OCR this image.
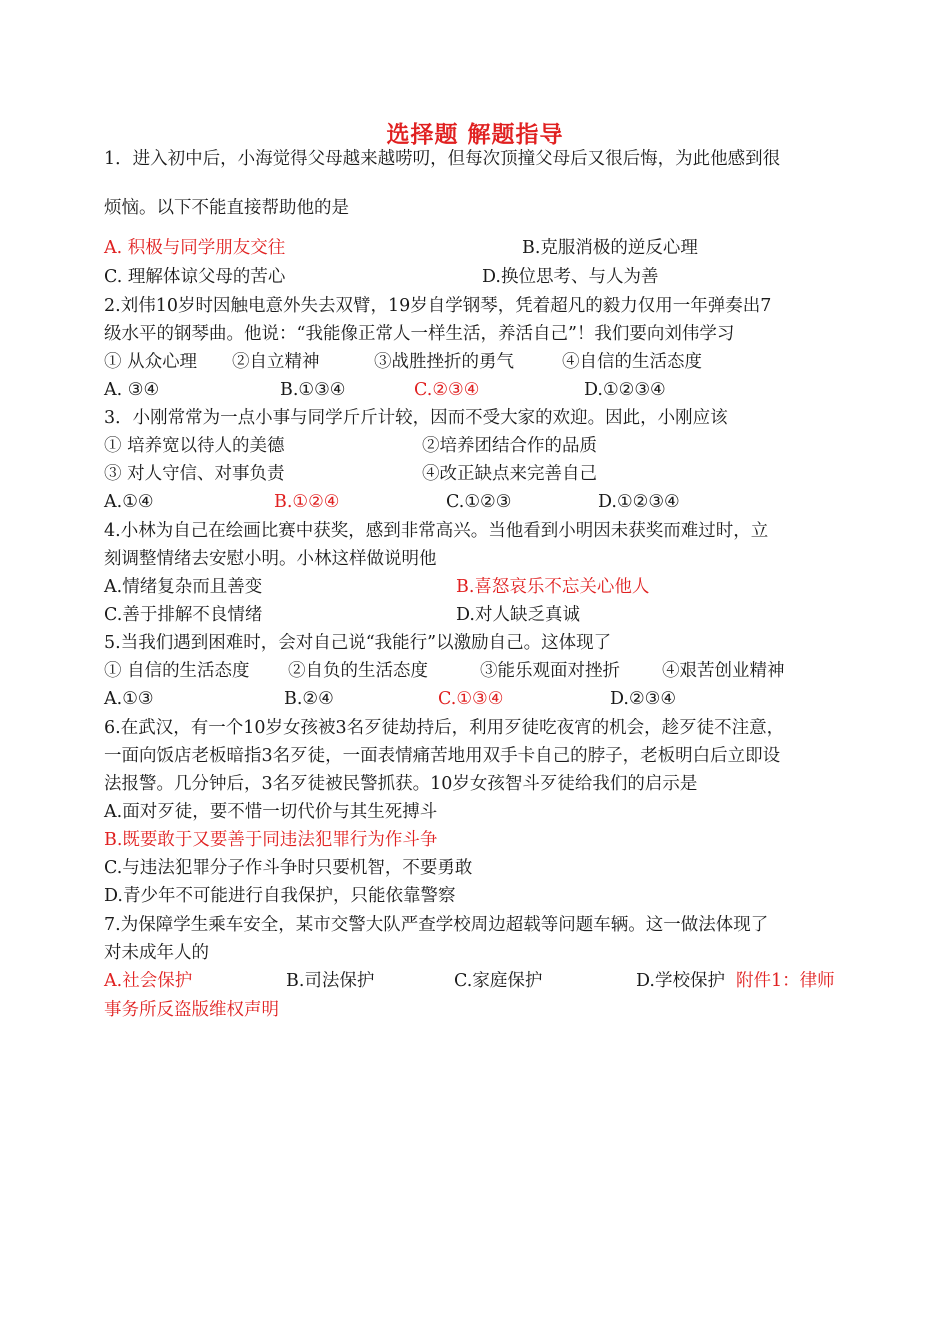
选择题 解题指导
1．进入初中后，小海觉得父母越来越唠叨，但每次顶撞父母后又很后悔，为此他感到很
烦恼。以下不能直接帮助他的是
A. 积极与同学朋友交往	B.克服消极的逆反心理
C. 理解体谅父母的苦心	D.换位思考、与人为善
2.刘伟10岁时因触电意外失去双臂，19岁自学钢琴，凭着超凡的毅力仅用一年弹奏出7
级水平的钢琴曲。他说：“我能像正常人一样生活，养活自己”！我们要向刘伟学习
① 从众心理 ②自立精神	③战胜挫折的勇气	④自信的生活态度
A. ③④	B.①③④	C.②③④	D.①②③④
3．小刚常常为一点小事与同学斤斤计较，因而不受大家的欢迎。因此，小刚应该
① 培养宽以待人的美德	②培养团结合作的品质
③ 对人守信、对事负责	④改正缺点来完善自己
A.①④	B.①②④	C.①②③	D.①②③④
4.小林为自己在绘画比赛中获奖，感到非常高兴。当他看到小明因未获奖而难过时，立
刻调整情绪去安慰小明。小林这样做说明他
A.情绪复杂而且善变	B.喜怒哀乐不忘关心他人
C.善于排解不良情绪	D.对人缺乏真诚
5.当我们遇到困难时，会对自己说“我能行”以激励自己。这体现了
① 自信的生活态度 ②自负的生活态度	③能乐观面对挫折 ④艰苦创业精神
A.①③	B.②④	C.①③④	D.②③④
6.在武汉，有一个10岁女孩被3名歹徒劫持后，利用歹徒吃夜宵的机会，趁歹徒不注意，
一面向饭店老板暗指3名歹徒，一面表情痛苦地用双手卡自己的脖子，老板明白后立即设
法报警。几分钟后，3名歹徒被民警抓获。10岁女孩智斗歹徒给我们的启示是
A.面对歹徒，要不惜一切代价与其生死搏斗
B.既要敢于又要善于同违法犯罪行为作斗争
C.与违法犯罪分子作斗争时只要机智，不要勇敢
D.青少年不可能进行自我保护，只能依靠警察
7.为保障学生乘车安全，某市交警大队严查学校周边超载等问题车辆。这一做法体现了
对未成年人的
A.社会保护	B.司法保护	C.家庭保护	D.学校保护 附件1：律师
事务所反盗版维权声明
